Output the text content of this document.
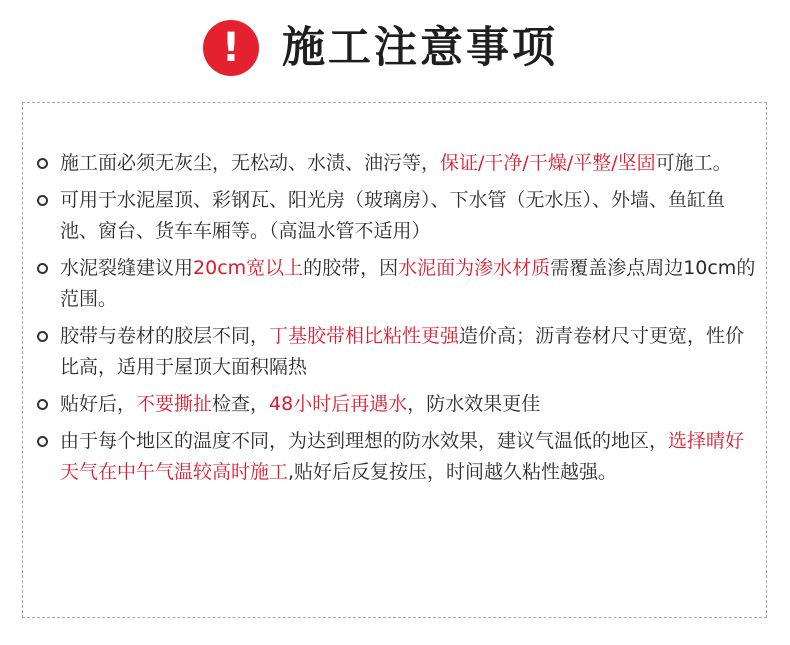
! 施工注意事项
施工面必须无灰尘，无松动、水渍、油污等，保证/干净/干燥/平整/坚固可施工。
可用于水泥屋顶、彩钢瓦、阳光房（玻璃房）、下水管（无水压）、外墙、鱼缸鱼池、窗台、货车车厢等。（高温水管不适用）
水泥裂缝建议用20cm宽以上的胶带，因水泥面为渗水材质需覆盖渗点周边10cm的范围。
胶带与卷材的胶层不同，丁基胶带相比粘性更强造价高；沥青卷材尺寸更宽，性价比高，适用于屋顶大面积隔热
贴好后，不要撕扯检查，48小时后再遇水，防水效果更佳
由于每个地区的温度不同，为达到理想的防水效果，建议气温低的地区，选择晴好天气在中午气温较高时施工,贴好后反复按压，时间越久粘性越强。
